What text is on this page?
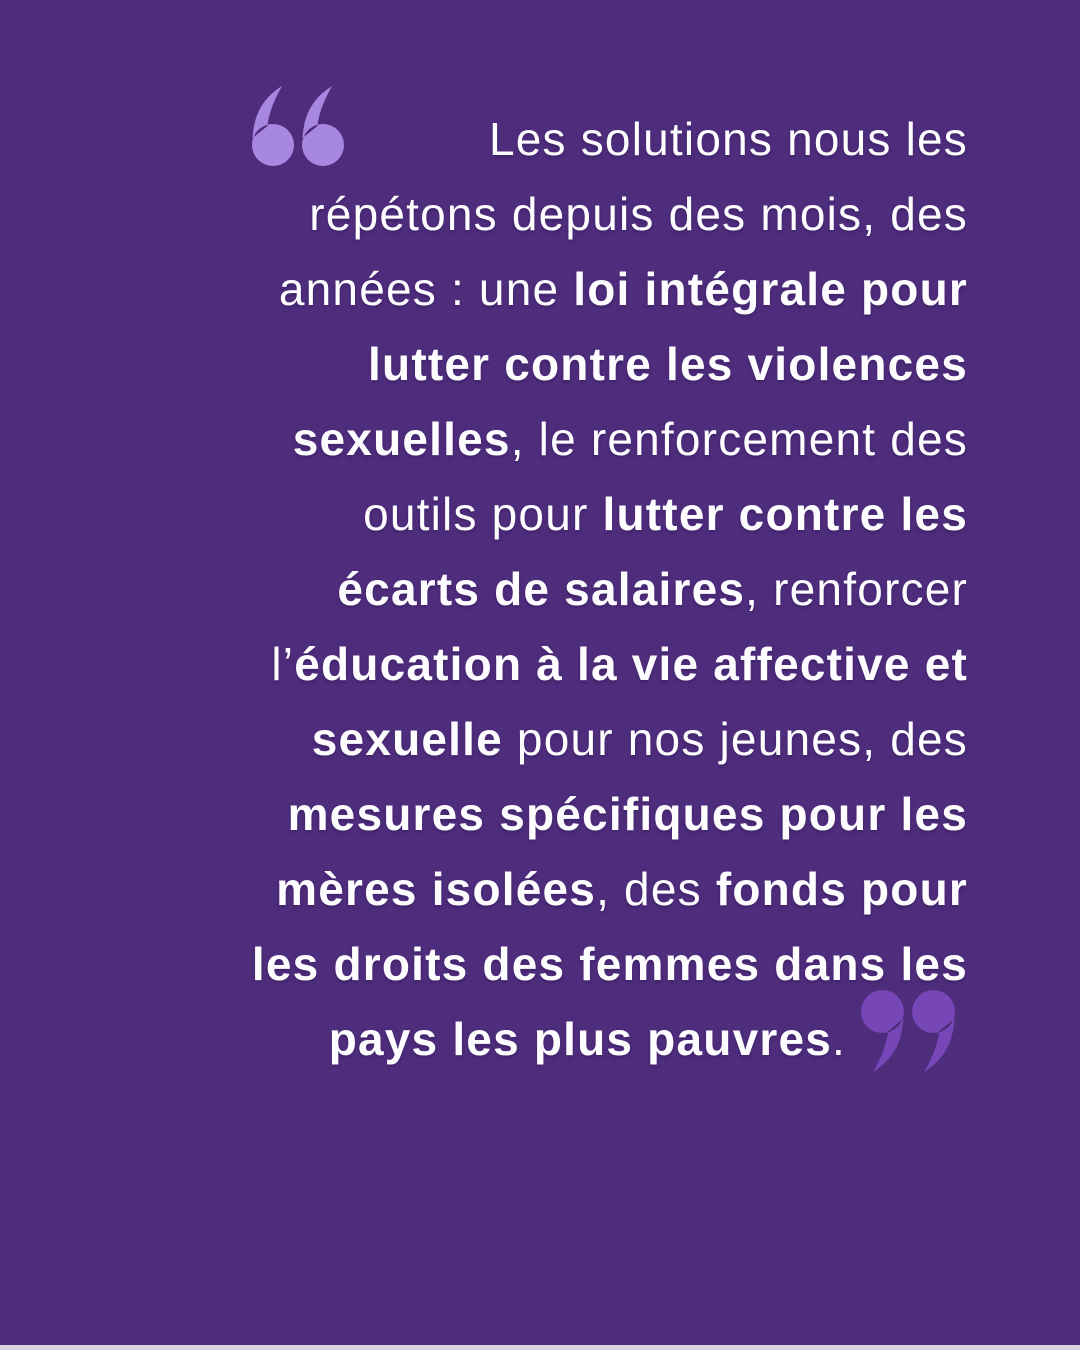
Les solutions nous les
répétons depuis des mois, des
années : une loi intégrale pour
lutter contre les violences
sexuelles, le renforcement des
outils pour lutter contre les
écarts de salaires, renforcer
l’éducation à la vie affective et
sexuelle pour nos jeunes, des
mesures spécifiques pour les
mères isolées, des fonds pour
les droits des femmes dans les
pays les plus pauvres.
